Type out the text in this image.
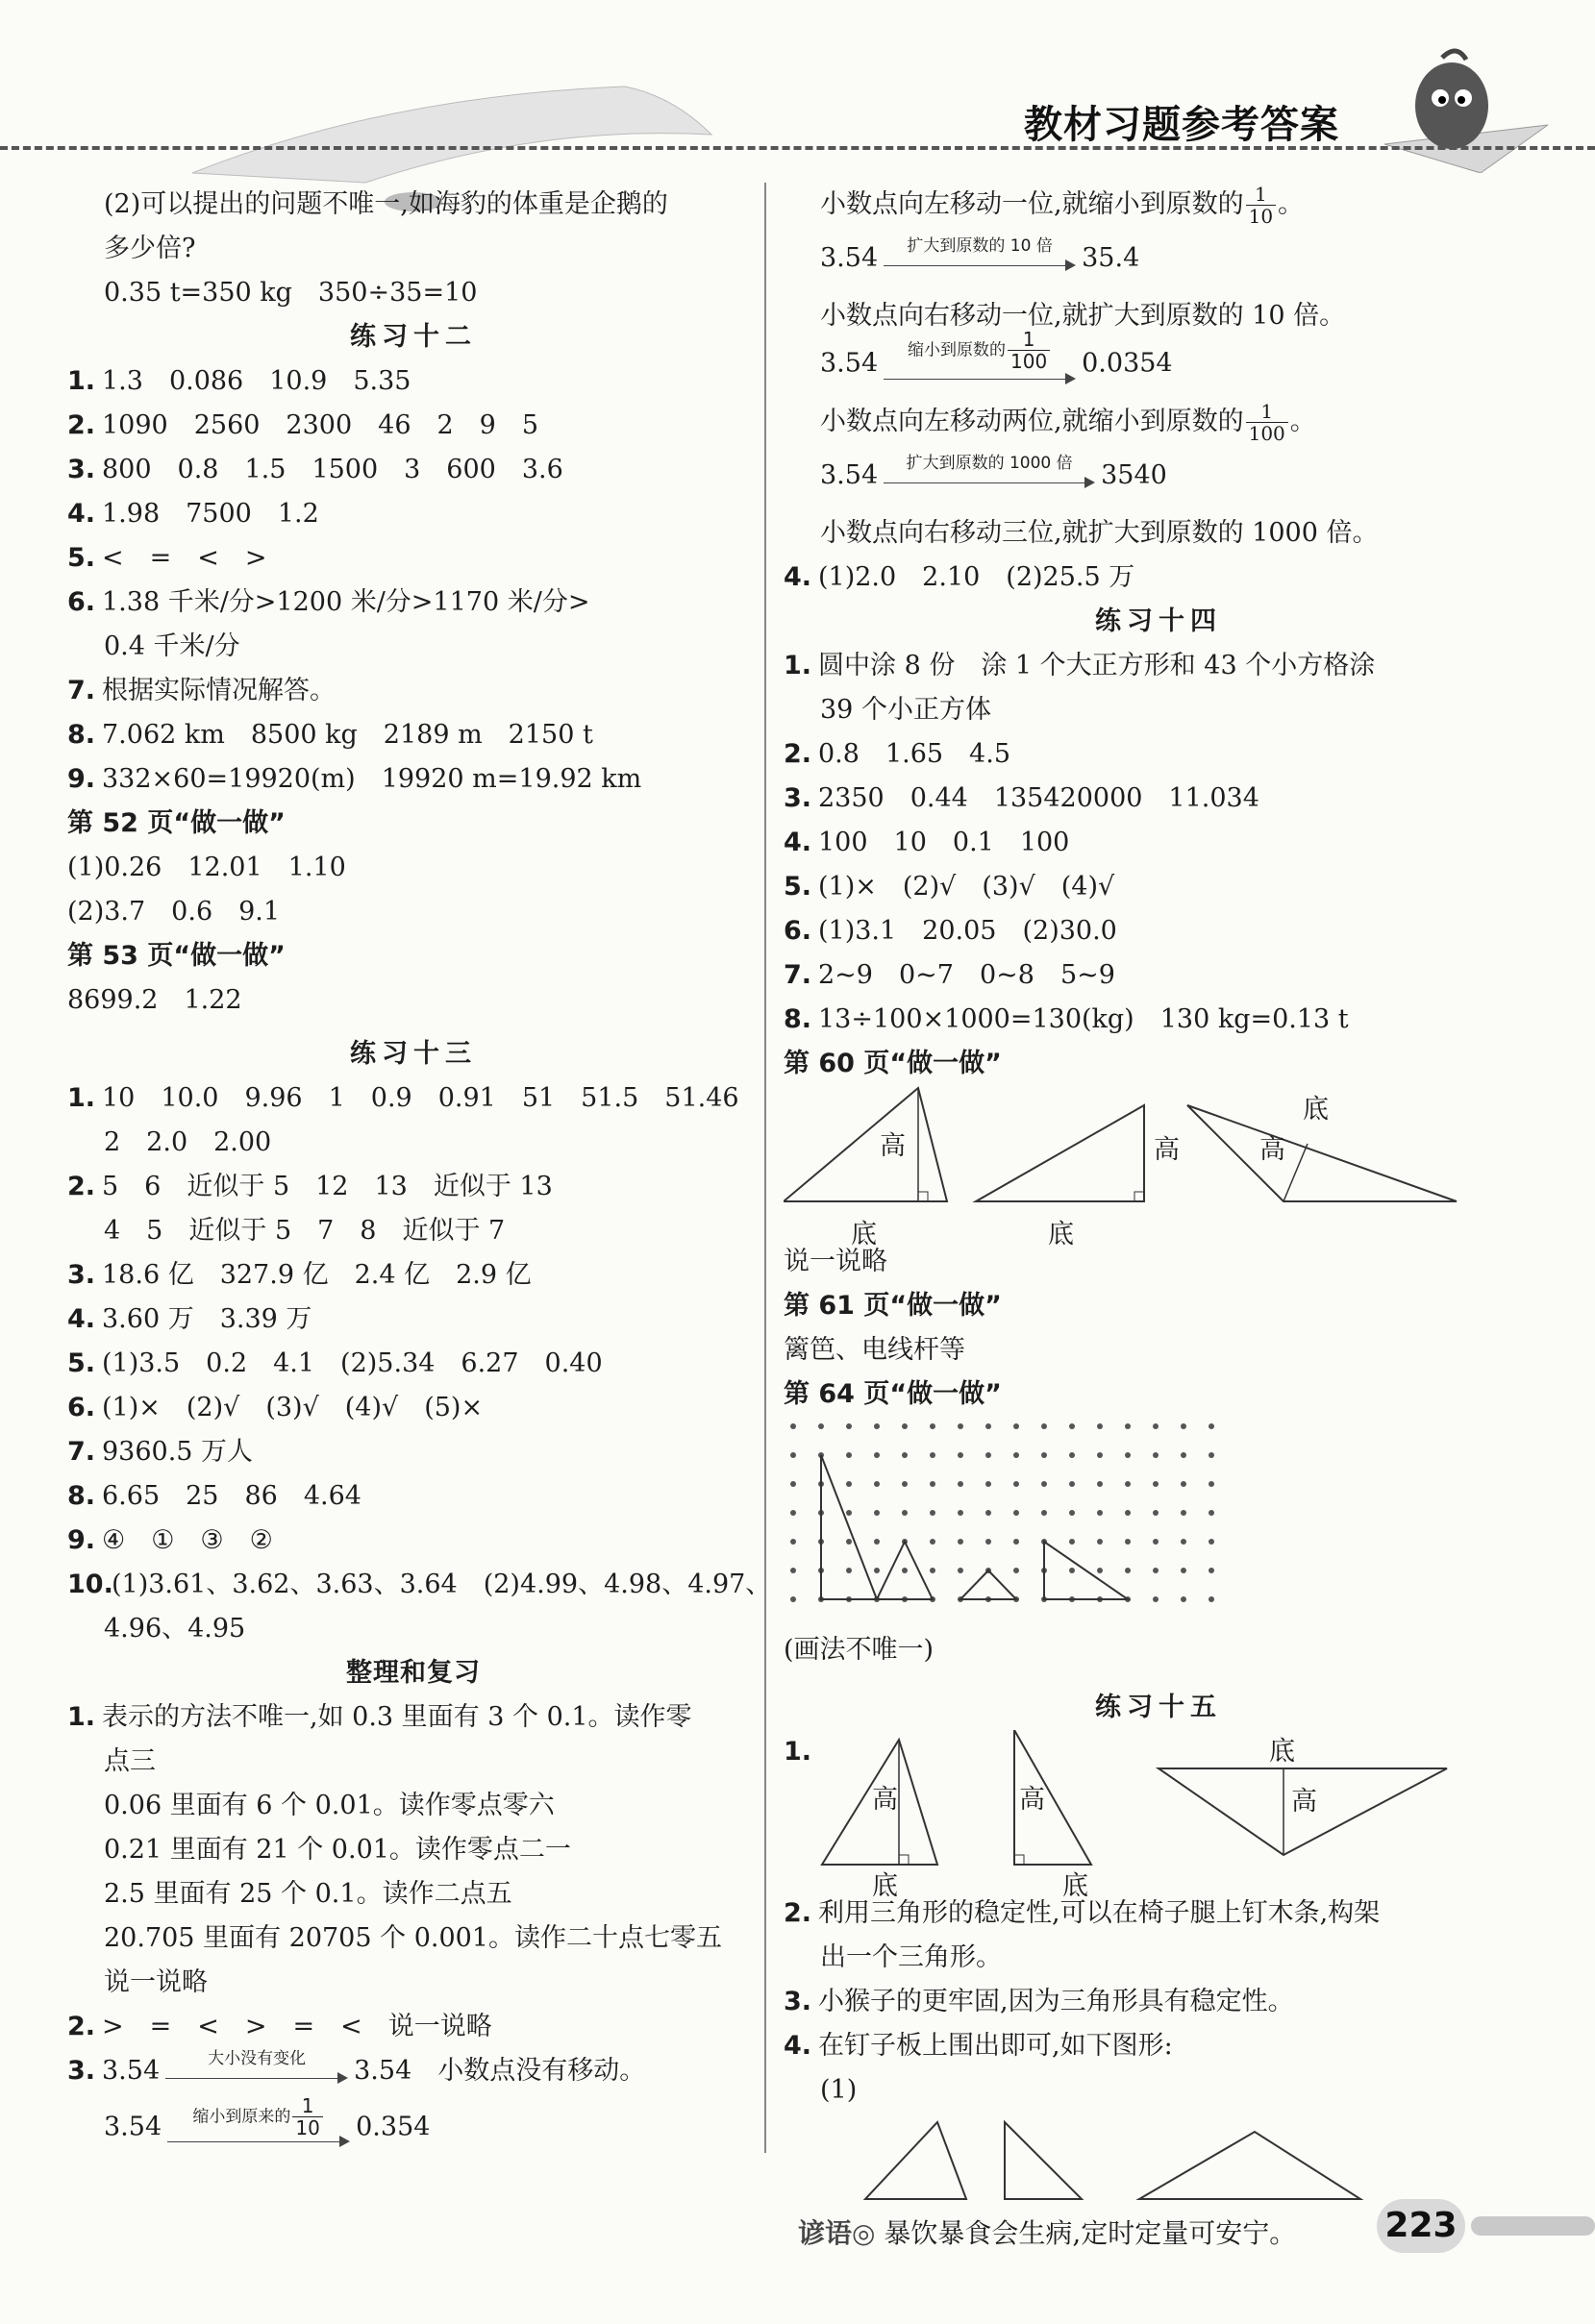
教材习题参考答案
(2)可以提出的问题不唯一,如海豹的体重是企鹅的
多少倍?
0.35 t=350 kg　350÷35=10
练习十二
1. 1.3　0.086　10.9　5.35
2. 1090　2560　2300　46　2　9　5
3. 800　0.8　1.5　1500　3　600　3.6
4. 1.98　7500　1.2
5. <　=　<　>
6. 1.38 千米/分>1200 米/分>1170 米/分>
0.4 千米/分
7. 根据实际情况解答。
8. 7.062 km　8500 kg　2189 m　2150 t
9. 332×60=19920(m)　19920 m=19.92 km
第 52 页“做一做”
(1)0.26　12.01　1.10
(2)3.7　0.6　9.1
第 53 页“做一做”
8699.2　1.22
练习十三
1. 10　10.0　9.96　1　0.9　0.91　51　51.5　51.46
2　2.0　2.00
2. 5　6　近似于 5　12　13　近似于 13
4　5　近似于 5　7　8　近似于 7
3. 18.6 亿　327.9 亿　2.4 亿　2.9 亿
4. 3.60 万　3.39 万
5. (1)3.5　0.2　4.1　(2)5.34　6.27　0.40
6. (1)×　(2)√　(3)√　(4)√　(5)×
7. 9360.5 万人
8. 6.65　25　86　4.64
9. ④　①　③　②
10.(1)3.61、3.62、3.63、3.64　(2)4.99、4.98、4.97、
4.96、4.95
整理和复习
1. 表示的方法不唯一,如 0.3 里面有 3 个 0.1。读作零
点三
0.06 里面有 6 个 0.01。读作零点零六
0.21 里面有 21 个 0.01。读作零点二一
2.5 里面有 25 个 0.1。读作二点五
20.705 里面有 20705 个 0.001。读作二十点七零五
说一说略
2. >　=　<　>　=　<　说一说略
3. 3.54	大小没有变化	3.54　 小数点没有移动。
3.54	缩小到原来的 $\frac{1}{10} 0.354$
小数点向左移动一位,就缩小到原数的 $\frac{1}{10}$ 。
3.54	扩大到原数的 10 倍	35.4
小数点向右移动一位,就扩大到原数的 10 倍。
3.54	缩小到原数的 $\frac{1}{100} 0.0354$
小数点向左移动两位,就缩小到原数的 $\frac{1}{100}$ 。
3.54	扩大到原数的 1000 倍	3540
小数点向右移动三位,就扩大到原数的 1000 倍。
4. (1)2.0　2.10　(2)25.5 万
练习十四
1. 圆中涂 8 份　涂 1 个大正方形和 43 个小方格涂
39 个小正方体
2. 0.8　1.65　4.5
3. 2350　0.44　135420000　11.034
4. 100　10　0.1　100
5. (1)×　(2)√　(3)√　(4)√
6. (1)3.1　20.05　(2)30.0
7. 2~9　0~7　0~8　5~9
8. 13÷100×1000=130(kg)　130 kg=0.13 t
第 60 页“做一做”
高
底
高
底
高
底
说一说略
第 61 页“做一做”
篱笆、电线杆等
第 64 页“做一做”
(画法不唯一)
练习十五
1.
高
底
高
底
底
高
2. 利用三角形的稳定性,可以在椅子腿上钉木条,构架
出一个三角形。
3. 小猴子的更牢固,因为三角形具有稳定性。
4. 在钉子板上围出即可,如下图形:
(1)
谚语◎ 暴饮暴食会生病,定时定量可安宁。	223
